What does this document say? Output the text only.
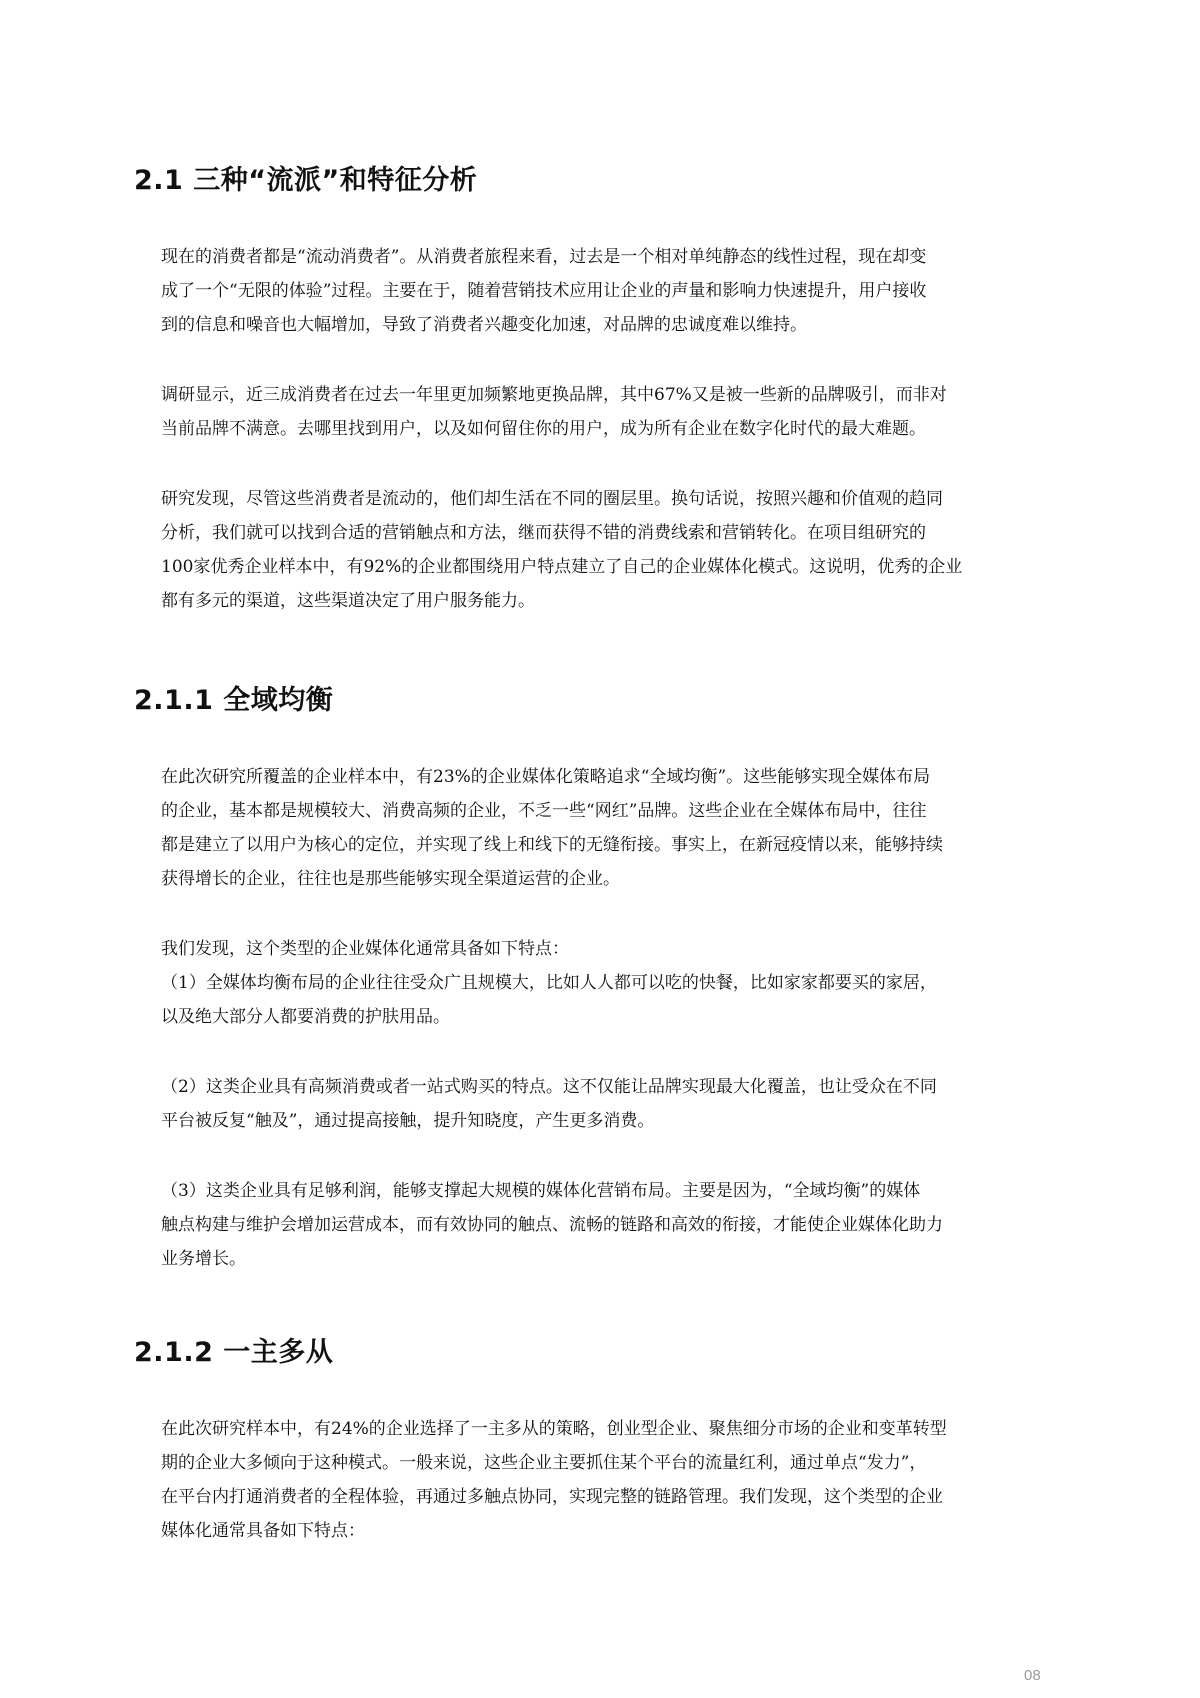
2.1 三种“流派”和特征分析

现在的消费者都是“流动消费者”。从消费者旅程来看，过去是一个相对单纯静态的线性过程，现在却变
成了一个“无限的体验”过程。主要在于，随着营销技术应用让企业的声量和影响力快速提升，用户接收
到的信息和噪音也大幅增加，导致了消费者兴趣变化加速，对品牌的忠诚度难以维持。

调研显示，近三成消费者在过去一年里更加频繁地更换品牌，其中67%又是被一些新的品牌吸引，而非对
当前品牌不满意。去哪里找到用户，以及如何留住你的用户，成为所有企业在数字化时代的最大难题。

研究发现，尽管这些消费者是流动的，他们却生活在不同的圈层里。换句话说，按照兴趣和价值观的趋同
分析，我们就可以找到合适的营销触点和方法，继而获得不错的消费线索和营销转化。在项目组研究的
100家优秀企业样本中，有92%的企业都围绕用户特点建立了自己的企业媒体化模式。这说明，优秀的企业
都有多元的渠道，这些渠道决定了用户服务能力。

2.1.1 全域均衡

在此次研究所覆盖的企业样本中，有23%的企业媒体化策略追求“全域均衡”。这些能够实现全媒体布局
的企业，基本都是规模较大、消费高频的企业，不乏一些“网红”品牌。这些企业在全媒体布局中，往往
都是建立了以用户为核心的定位，并实现了线上和线下的无缝衔接。事实上，在新冠疫情以来，能够持续
获得增长的企业，往往也是那些能够实现全渠道运营的企业。

我们发现，这个类型的企业媒体化通常具备如下特点：
（1）全媒体均衡布局的企业往往受众广且规模大，比如人人都可以吃的快餐，比如家家都要买的家居，
以及绝大部分人都要消费的护肤用品。

（2）这类企业具有高频消费或者一站式购买的特点。这不仅能让品牌实现最大化覆盖，也让受众在不同
平台被反复“触及”，通过提高接触，提升知晓度，产生更多消费。

（3）这类企业具有足够利润，能够支撑起大规模的媒体化营销布局。主要是因为，“全域均衡”的媒体
触点构建与维护会增加运营成本，而有效协同的触点、流畅的链路和高效的衔接，才能使企业媒体化助力
业务增长。

2.1.2 一主多从

在此次研究样本中，有24%的企业选择了一主多从的策略，创业型企业、聚焦细分市场的企业和变革转型
期的企业大多倾向于这种模式。一般来说，这些企业主要抓住某个平台的流量红利，通过单点“发力”，
在平台内打通消费者的全程体验，再通过多触点协同，实现完整的链路管理。我们发现，这个类型的企业
媒体化通常具备如下特点：

08
